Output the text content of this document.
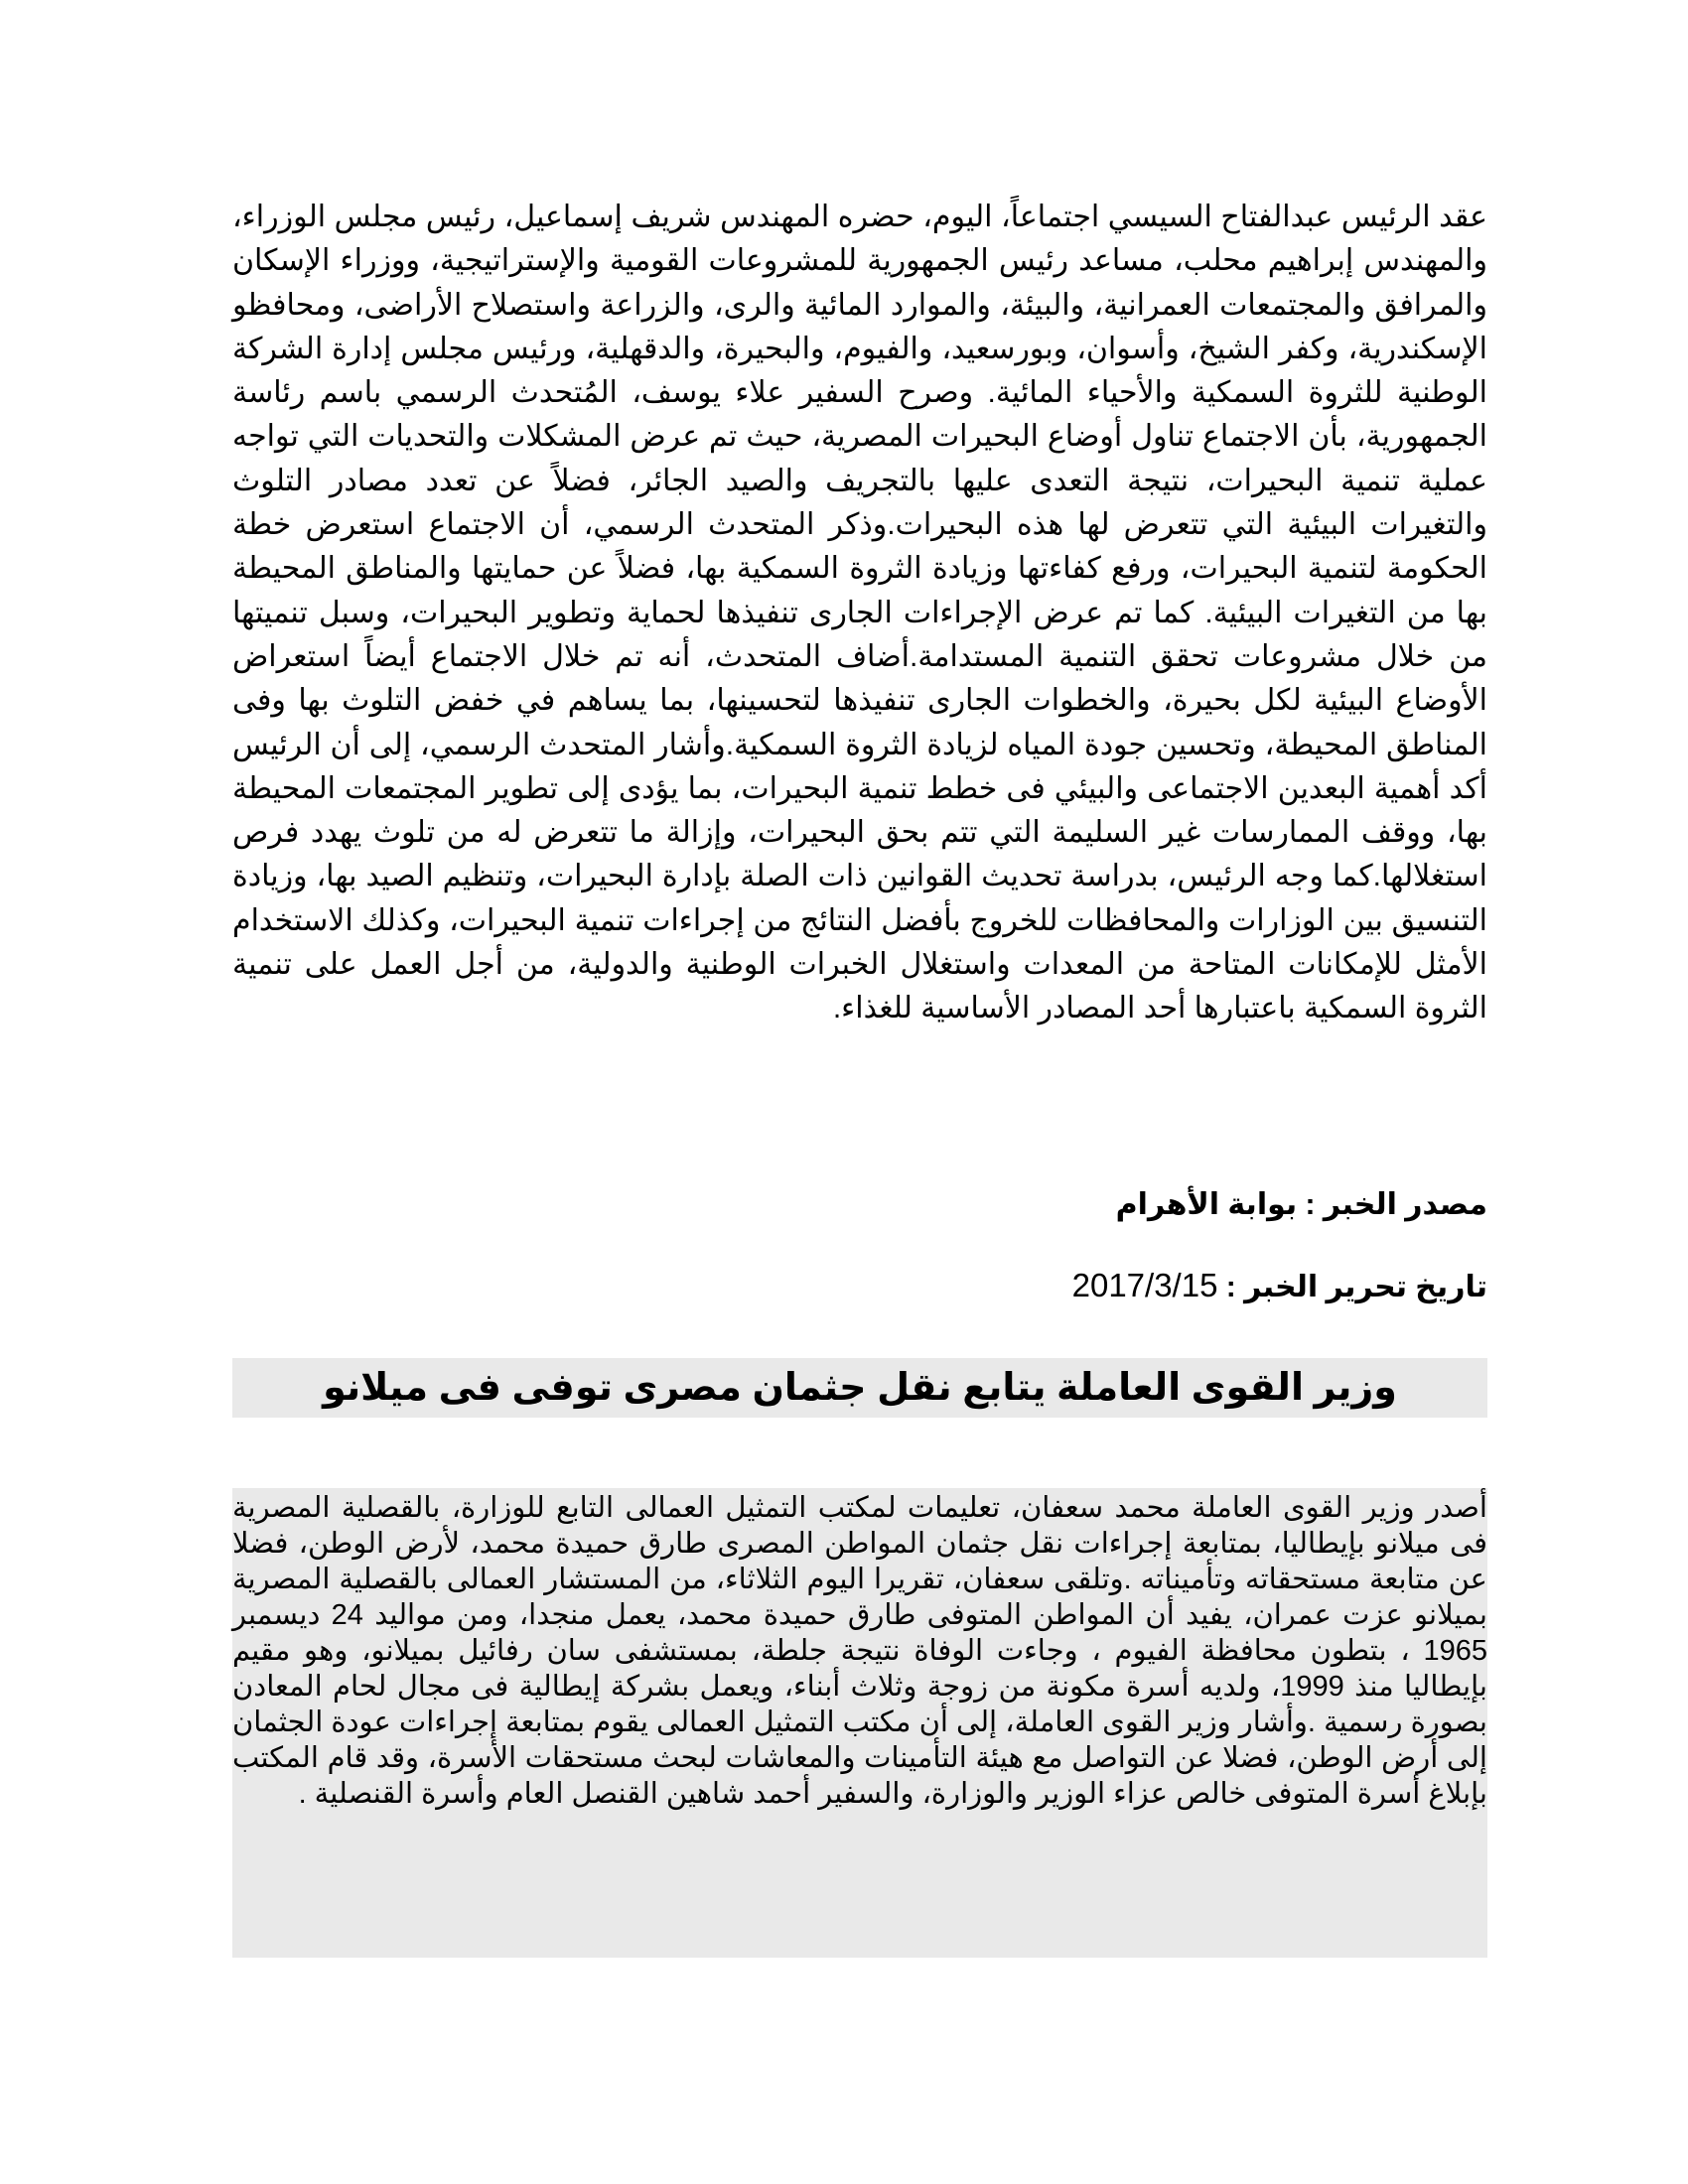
عقد الرئيس عبدالفتاح السيسي اجتماعاً، اليوم، حضره المهندس شريف إسماعيل، رئيس مجلس الوزراء، والمهندس إبراهيم محلب، مساعد رئيس الجمهورية للمشروعات القومية والإستراتيجية، ووزراء الإسكان والمرافق والمجتمعات العمرانية، والبيئة، والموارد المائية والرى، والزراعة واستصلاح الأراضى، ومحافظو الإسكندرية، وكفر الشيخ، وأسوان، وبورسعيد، والفيوم، والبحيرة، والدقهلية، ورئيس مجلس إدارة الشركة الوطنية للثروة السمكية والأحياء المائية. وصرح السفير علاء يوسف، المُتحدث الرسمي باسم رئاسة الجمهورية، بأن الاجتماع تناول أوضاع البحيرات المصرية، حيث تم عرض المشكلات والتحديات التي تواجه عملية تنمية البحيرات، نتيجة التعدى عليها بالتجريف والصيد الجائر، فضلاً عن تعدد مصادر التلوث والتغيرات البيئية التي تتعرض لها هذه البحيرات.وذكر المتحدث الرسمي، أن الاجتماع استعرض خطة الحكومة لتنمية البحيرات، ورفع كفاءتها وزيادة الثروة السمكية بها، فضلاً عن حمايتها والمناطق المحيطة بها من التغيرات البيئية. كما تم عرض الإجراءات الجارى تنفيذها لحماية وتطوير البحيرات، وسبل تنميتها من خلال مشروعات تحقق التنمية المستدامة.أضاف المتحدث، أنه تم خلال الاجتماع أيضاً استعراض الأوضاع البيئية لكل بحيرة، والخطوات الجارى تنفيذها لتحسينها، بما يساهم في خفض التلوث بها وفى المناطق المحيطة، وتحسين جودة المياه لزيادة الثروة السمكية.وأشار المتحدث الرسمي، إلى أن الرئيس أكد أهمية البعدين الاجتماعى والبيئي فى خطط تنمية البحيرات، بما يؤدى إلى تطوير المجتمعات المحيطة بها، ووقف الممارسات غير السليمة التي تتم بحق البحيرات، وإزالة ما تتعرض له من تلوث يهدد فرص استغلالها.كما وجه الرئيس، بدراسة تحديث القوانين ذات الصلة بإدارة البحيرات، وتنظيم الصيد بها، وزيادة التنسيق بين الوزارات والمحافظات للخروج بأفضل النتائج من إجراءات تنمية البحيرات، وكذلك الاستخدام الأمثل للإمكانات المتاحة من المعدات واستغلال الخبرات الوطنية والدولية، من أجل العمل على تنمية الثروة السمكية باعتبارها أحد المصادر الأساسية للغذاء.

مصدر الخبر : بوابة الأهرام
تاريخ تحرير الخبر : 2017/3/15
وزير القوى العاملة يتابع نقل جثمان مصرى توفى فى ميلانو

أصدر وزير القوى العاملة محمد سعفان، تعليمات لمكتب التمثيل العمالى التابع للوزارة، بالقصلية المصرية فى ميلانو بإيطاليا، بمتابعة إجراءات نقل جثمان المواطن المصرى طارق حميدة محمد، لأرض الوطن، فضلا عن متابعة مستحقاته وتأميناته .وتلقى سعفان، تقريرا اليوم الثلاثاء، من المستشار العمالى بالقصلية المصرية بميلانو عزت عمران، يفيد أن المواطن المتوفى طارق حميدة محمد، يعمل منجدا، ومن مواليد 24 ديسمبر 1965 ، بتطون محافظة الفيوم ، وجاءت الوفاة نتيجة جلطة، بمستشفى سان رفائيل بميلانو، وهو مقيم بإيطاليا منذ 1999، ولديه أسرة مكونة من زوجة وثلاث أبناء، ويعمل بشركة إيطالية فى مجال لحام المعادن بصورة رسمية .وأشار وزير القوى العاملة، إلى أن مكتب التمثيل العمالى يقوم بمتابعة إجراءات عودة الجثمان إلى أرض الوطن، فضلا عن التواصل مع هيئة التأمينات والمعاشات لبحث مستحقات الأسرة، وقد قام المكتب بإبلاغ أسرة المتوفى خالص عزاء الوزير والوزارة، والسفير أحمد شاهين القنصل العام وأسرة القنصلية .
